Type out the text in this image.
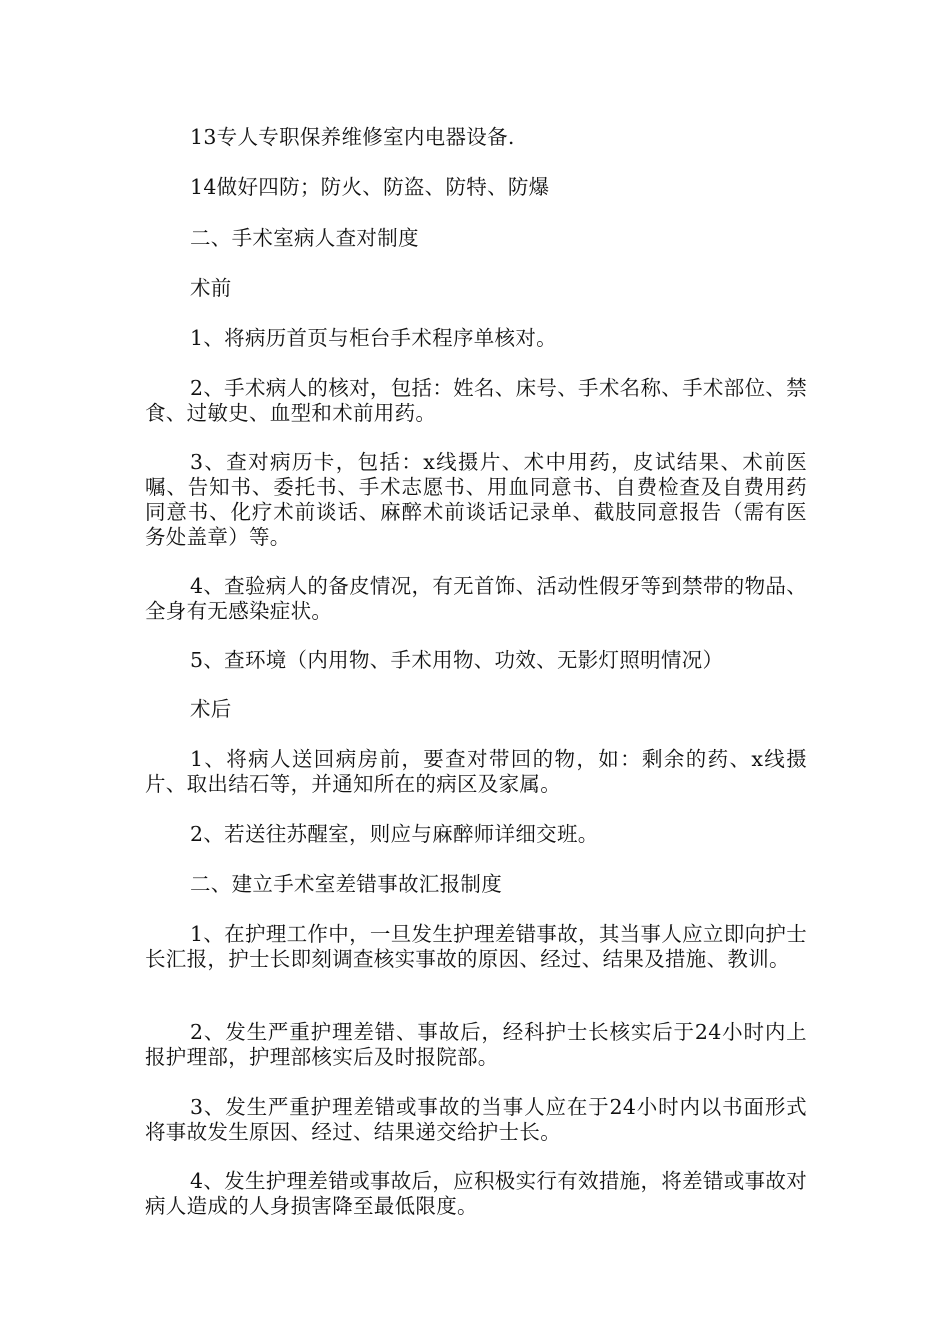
13专人专职保养维修室内电器设备.

14做好四防；防火、防盗、防特、防爆

二、手术室病人查对制度

术前

1、将病历首页与柜台手术程序单核对。

2、手术病人的核对，包括：姓名、床号、手术名称、手术部位、禁食、过敏史、血型和术前用药。

3、查对病历卡，包括：x线摄片、术中用药，皮试结果、术前医嘱、告知书、委托书、手术志愿书、用血同意书、自费检查及自费用药同意书、化疗术前谈话、麻醉术前谈话记录单、截肢同意报告（需有医务处盖章）等。

4、查验病人的备皮情况，有无首饰、活动性假牙等到禁带的物品、全身有无感染症状。

5、查环境（内用物、手术用物、功效、无影灯照明情况）

术后

1、将病人送回病房前，要查对带回的物，如：剩余的药、x线摄片、取出结石等，并通知所在的病区及家属。

2、若送往苏醒室，则应与麻醉师详细交班。

二、建立手术室差错事故汇报制度

1、在护理工作中，一旦发生护理差错事故，其当事人应立即向护士长汇报，护士长即刻调查核实事故的原因、经过、结果及措施、教训。

2、发生严重护理差错、事故后，经科护士长核实后于24小时内上报护理部，护理部核实后及时报院部。

3、发生严重护理差错或事故的当事人应在于24小时内以书面形式将事故发生原因、经过、结果递交给护士长。

4、发生护理差错或事故后，应积极实行有效措施，将差错或事故对病人造成的人身损害降至最低限度。
